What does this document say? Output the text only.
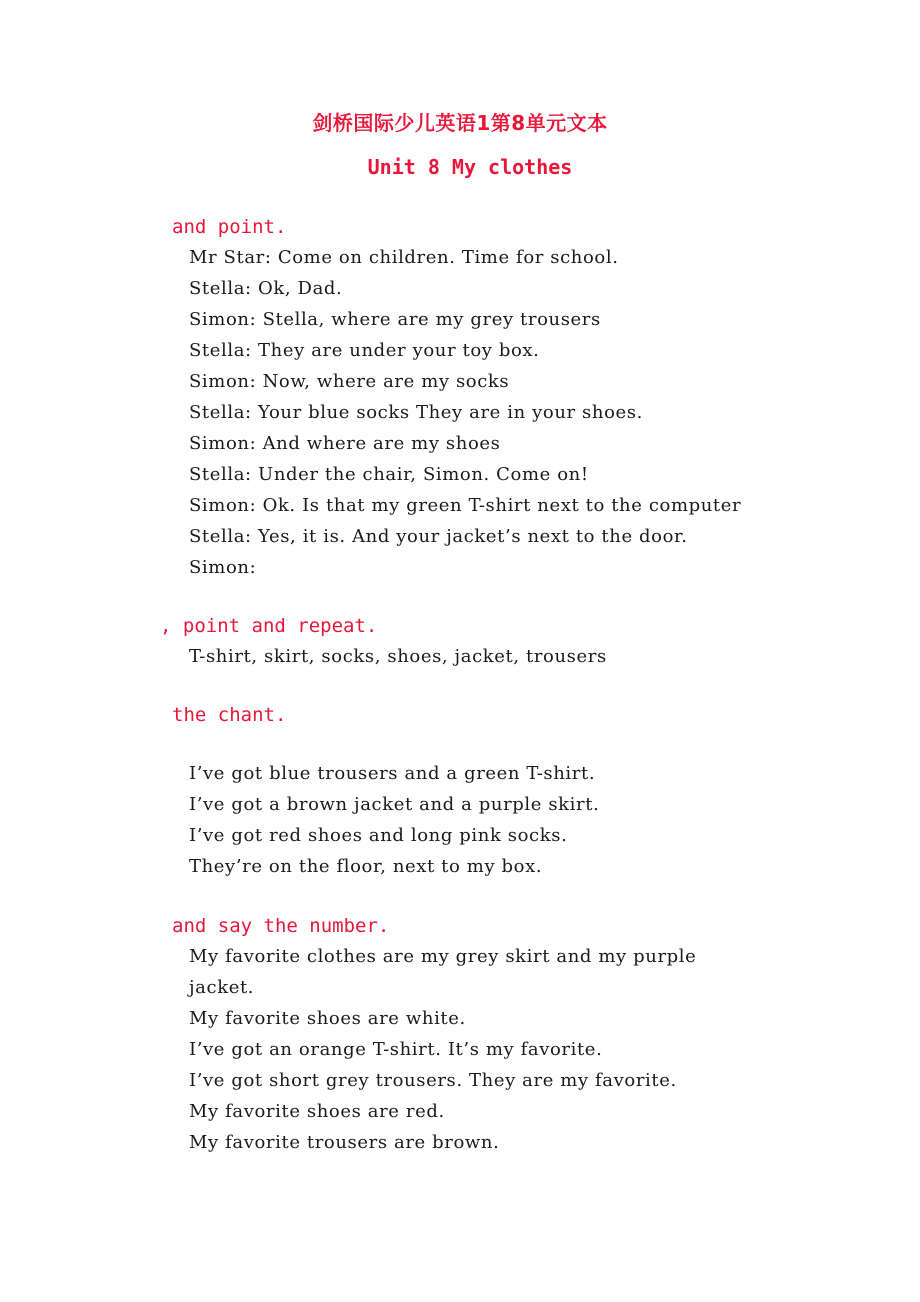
剑桥国际少儿英语1第8单元文本
Unit 8 My clothes
and point.
Mr Star: Come on children. Time for school.
Stella: Ok, Dad.
Simon: Stella, where are my grey trousers
Stella: They are under your toy box.
Simon: Now, where are my socks
Stella: Your blue socks They are in your shoes.
Simon: And where are my shoes
Stella: Under the chair, Simon. Come on!
Simon: Ok. Is that my green T-shirt next to the computer
Stella: Yes, it is. And your jacket’s next to the door.
Simon:
, point and repeat.
T-shirt, skirt, socks, shoes, jacket, trousers
the chant.
I’ve got blue trousers and a green T-shirt.
I’ve got a brown jacket and a purple skirt.
I’ve got red shoes and long pink socks.
They’re on the floor, next to my box.
and say the number.
My favorite clothes are my grey skirt and my purple
jacket.
My favorite shoes are white.
I’ve got an orange T-shirt. It’s my favorite.
I’ve got short grey trousers. They are my favorite.
My favorite shoes are red.
My favorite trousers are brown.
